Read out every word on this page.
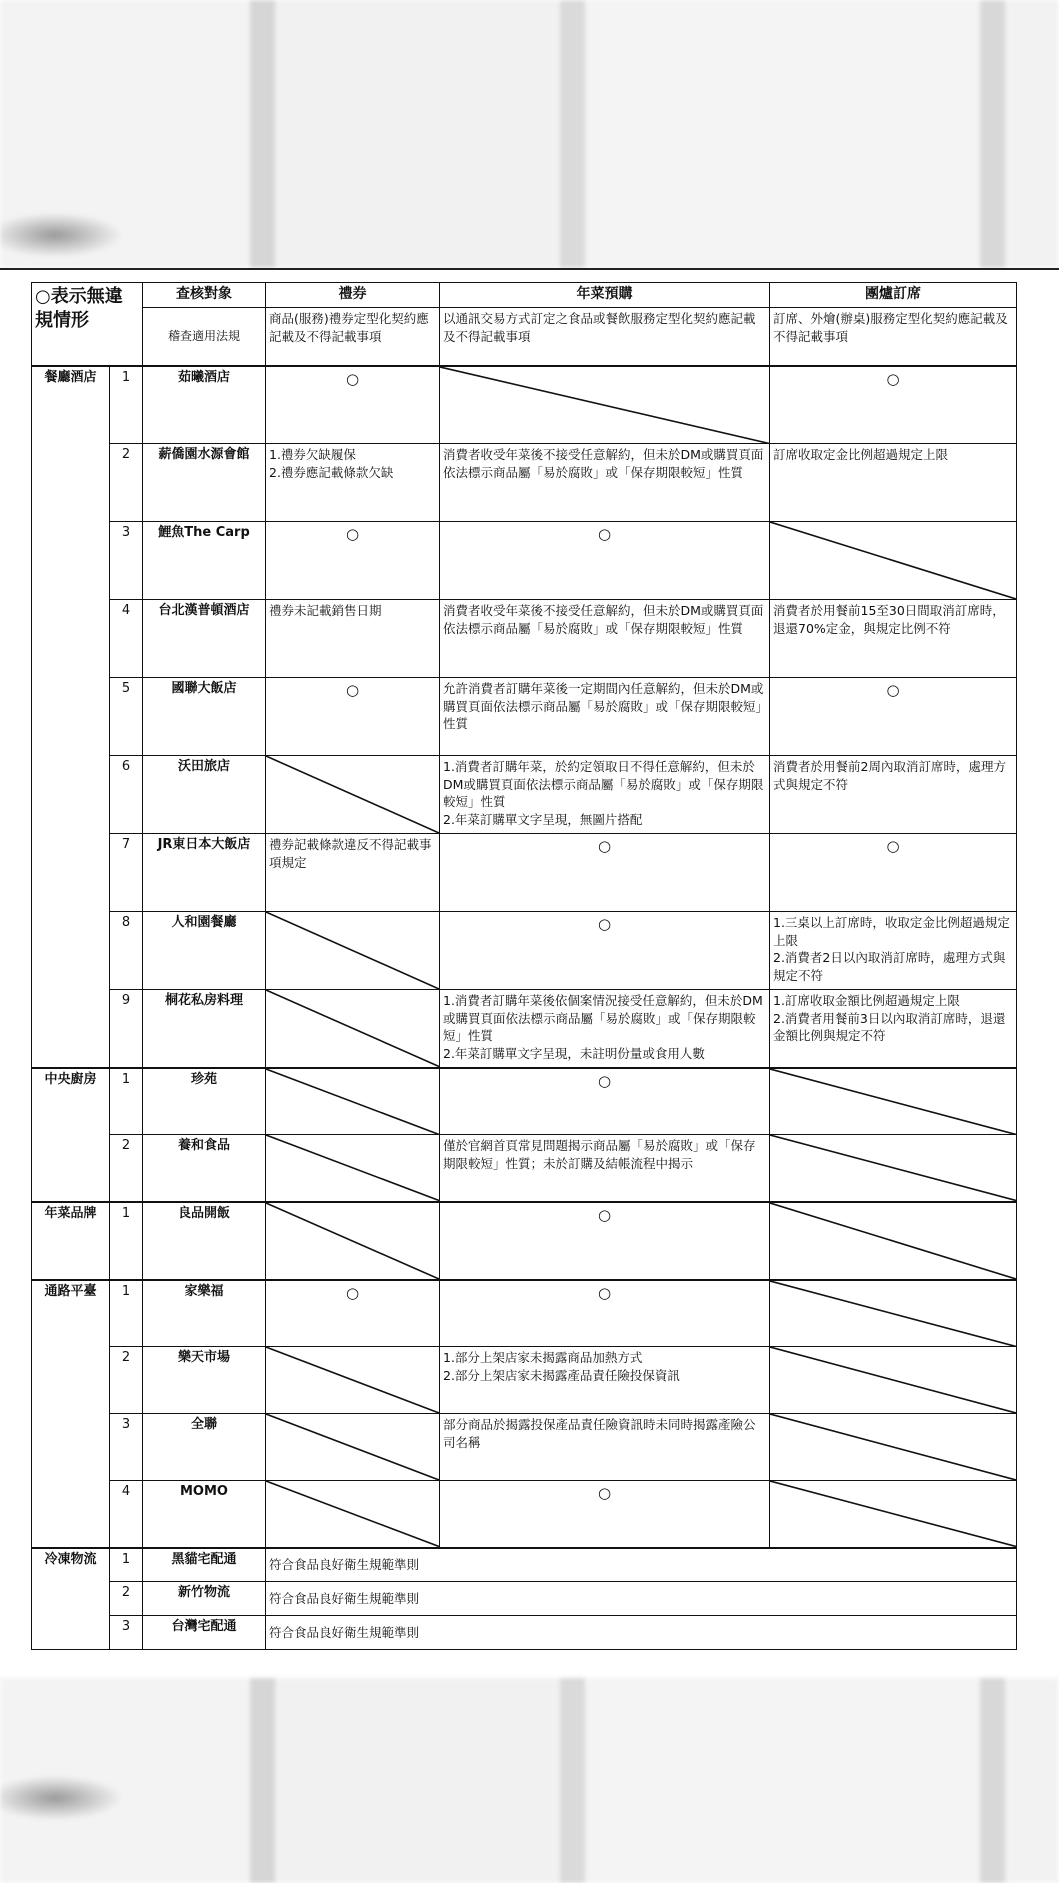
○表示無違規情形		查核對象	禮券	年菜預購	團爐訂席
		稽查適用法規	商品(服務)禮券定型化契約應記載及不得記載事項	以通訊交易方式訂定之食品或餐飲服務定型化契約應記載及不得記載事項	訂席、外燴(辦桌)服務定型化契約應記載及不得記載事項
餐廳酒店	1	茹曦酒店	○		○
	2	薪僑園水源會館	1.禮券欠缺履保
2.禮券應記載條款欠缺	消費者收受年菜後不接受任意解約，但未於DM或購買頁面依法標示商品屬「易於腐敗」或「保存期限較短」性質	訂席收取定金比例超過規定上限

	3	鯉魚The Carp	○	○	

	4	台北漢普頓酒店	禮券未記載銷售日期	消費者收受年菜後不接受任意解約，但未於DM或購買頁面依法標示商品屬「易於腐敗」或「保存期限較短」性質	消費者於用餐前15至30日間取消訂席時，退還70%定金，與規定比例不符

	5	國聯大飯店	○	允許消費者訂購年菜後一定期間內任意解約，但未於DM或購買頁面依法標示商品屬「易於腐敗」或「保存期限較短」性質	○
	6	沃田旅店		1.消費者訂購年菜，於約定領取日不得任意解約，但未於DM或購買頁面依法標示商品屬「易於腐敗」或「保存期限較短」性質
2.年菜訂購單文字呈現，無圖片搭配	消費者於用餐前2周內取消訂席時，處理方式與規定不符

	7	JR東日本大飯店	禮券記載條款違反不得記載事項規定	○	○
	8	人和園餐廳		○	1.三桌以上訂席時，收取定金比例超過規定上限
2.消費者2日以內取消訂席時，處理方式與規定不符

	9	桐花私房料理		1.消費者訂購年菜後依個案情況接受任意解約，但未於DM或購買頁面依法標示商品屬「易於腐敗」或「保存期限較短」性質
2.年菜訂購單文字呈現，未註明份量或食用人數	1.訂席收取金額比例超過規定上限
2.消費者用餐前3日以內取消訂席時，退還金額比例與規定不符

中央廚房	1	珍苑		○	

	2	養和食品		僅於官網首頁常見問題揭示商品屬「易於腐敗」或「保存期限較短」性質；未於訂購及結帳流程中揭示

年菜品牌	1	良品開飯		○	

通路平臺	1	家樂福	○	○	

	2	樂天市場		1.部分上架店家未揭露商品加熱方式
2.部分上架店家未揭露產品責任險投保資訊

	3	全聯		部分商品於揭露投保產品責任險資訊時未同時揭露產險公司名稱

	4	MOMO		○	

冷凍物流	1	黑貓宅配通	符合食品良好衛生規範準則		
	2	新竹物流	符合食品良好衛生規範準則		
	3	台灣宅配通	符合食品良好衛生規範準則		
